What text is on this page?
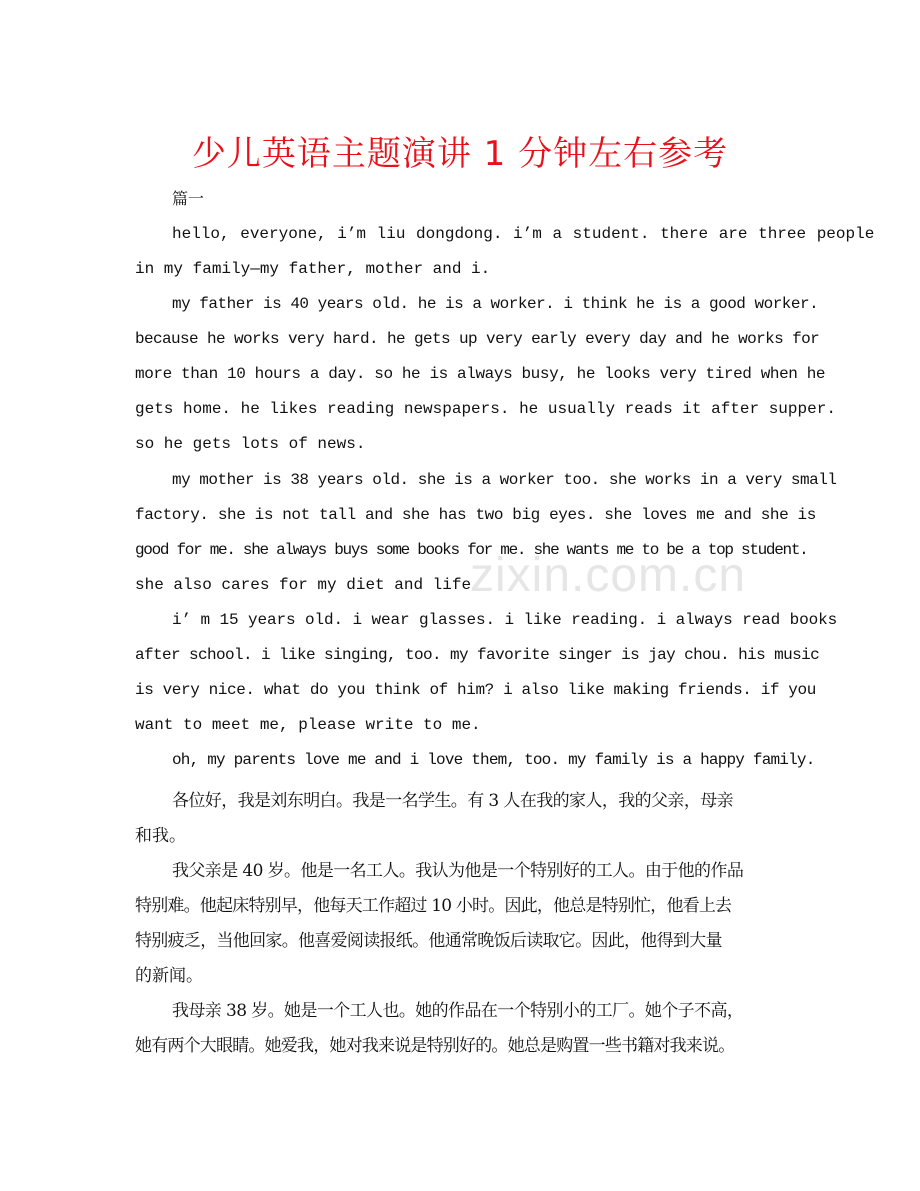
少儿英语主题演讲 1 分钟左右参考
篇一
hello, everyone, i’m liu dongdong. i’m a student. there are three people
in my family—my father, mother and i.
my father is 40 years old. he is a worker. i think he is a good worker.
because he works very hard. he gets up very early every day and he works for
more than 10 hours a day. so he is always busy, he looks very tired when he
gets home. he likes reading newspapers. he usually reads it after supper.
so he gets lots of news.
my mother is 38 years old. she is a worker too. she works in a very small
factory. she is not tall and she has two big eyes. she loves me and she is
good for me. she always buys some books for me. she wants me to be a top student.
she also cares for my diet and life.
i’ m 15 years old. i wear glasses. i like reading. i always read books
after school. i like singing, too. my favorite singer is jay chou. his music
is very nice. what do you think of him? i also like making friends. if you
want to meet me, please write to me.
oh, my parents love me and i love them, too. my family is a happy family.
各位好，我是刘东明白。我是一名学生。有 3 人在我的家人，我的父亲，母亲
和我。
我父亲是 40 岁。他是一名工人。我认为他是一个特别好的工人。由于他的作品
特别难。他起床特别早，他每天工作超过 10 小时。因此，他总是特别忙，他看上去
特别疲乏，当他回家。他喜爱阅读报纸。他通常晚饭后读取它。因此，他得到大量
的新闻。
我母亲 38 岁。她是一个工人也。她的作品在一个特别小的工厂。她个子不高，
她有两个大眼睛。她爱我，她对我来说是特别好的。她总是购置一些书籍对我来说。
zixin.com.cn
